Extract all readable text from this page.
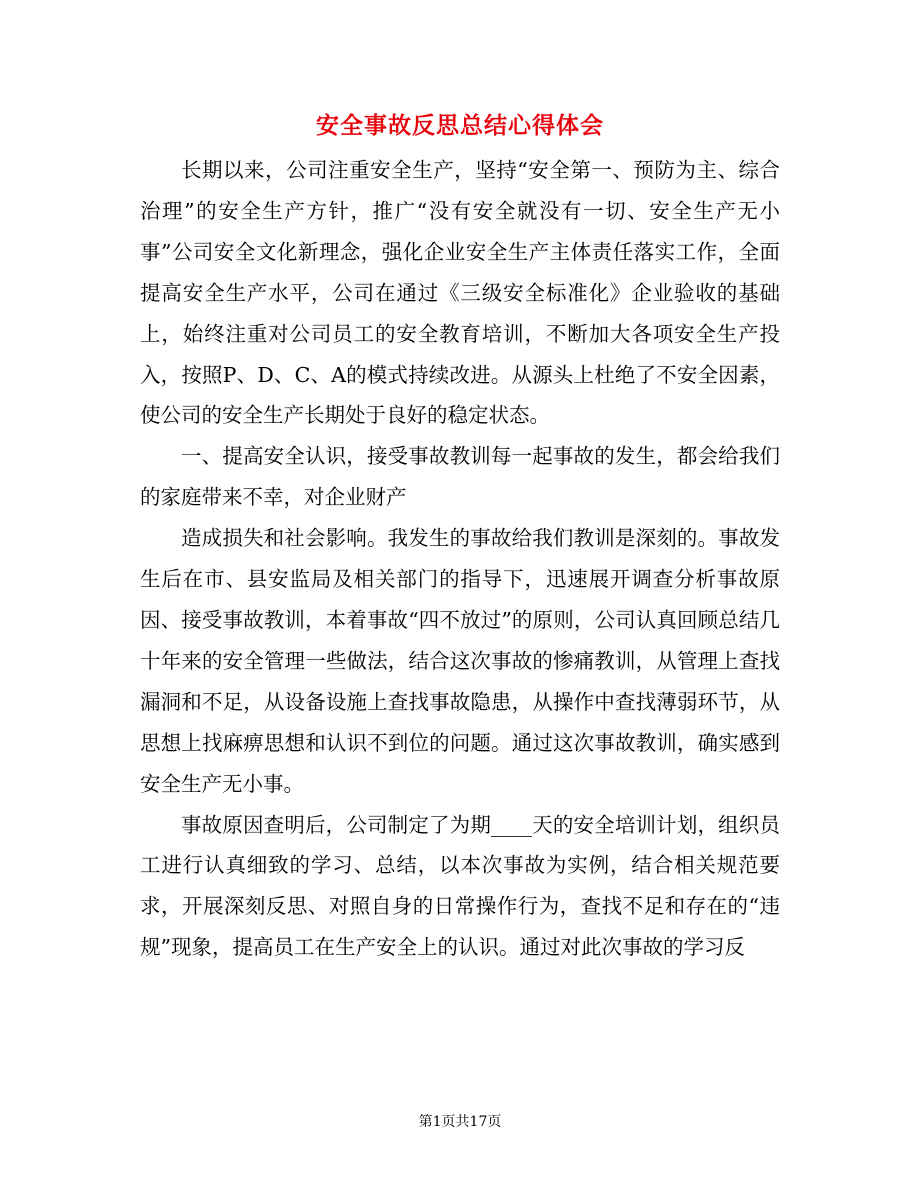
安全事故反思总结心得体会

长期以来，公司注重安全生产，坚持“安全第一、预防为主、综合治理”的安全生产方针，推广“没有安全就没有一切、安全生产无小事”公司安全文化新理念，强化企业安全生产主体责任落实工作，全面提高安全生产水平，公司在通过《三级安全标准化》企业验收的基础上，始终注重对公司员工的安全教育培训，不断加大各项安全生产投入，按照P、D、C、A的模式持续改进。从源头上杜绝了不安全因素，使公司的安全生产长期处于良好的稳定状态。

一、提高安全认识，接受事故教训每一起事故的发生，都会给我们的家庭带来不幸，对企业财产

造成损失和社会影响。我发生的事故给我们教训是深刻的。事故发生后在市、县安监局及相关部门的指导下，迅速展开调查分析事故原因、接受事故教训，本着事故“四不放过”的原则，公司认真回顾总结几十年来的安全管理一些做法，结合这次事故的惨痛教训，从管理上查找漏洞和不足，从设备设施上查找事故隐患，从操作中查找薄弱环节，从思想上找麻痹思想和认识不到位的问题。通过这次事故教训，确实感到安全生产无小事。

事故原因查明后，公司制定了为期____天的安全培训计划，组织员工进行认真细致的学习、总结，以本次事故为实例，结合相关规范要求，开展深刻反思、对照自身的日常操作行为，查找不足和存在的“违规”现象，提高员工在生产安全上的认识。通过对此次事故的学习反

第1页共17页
